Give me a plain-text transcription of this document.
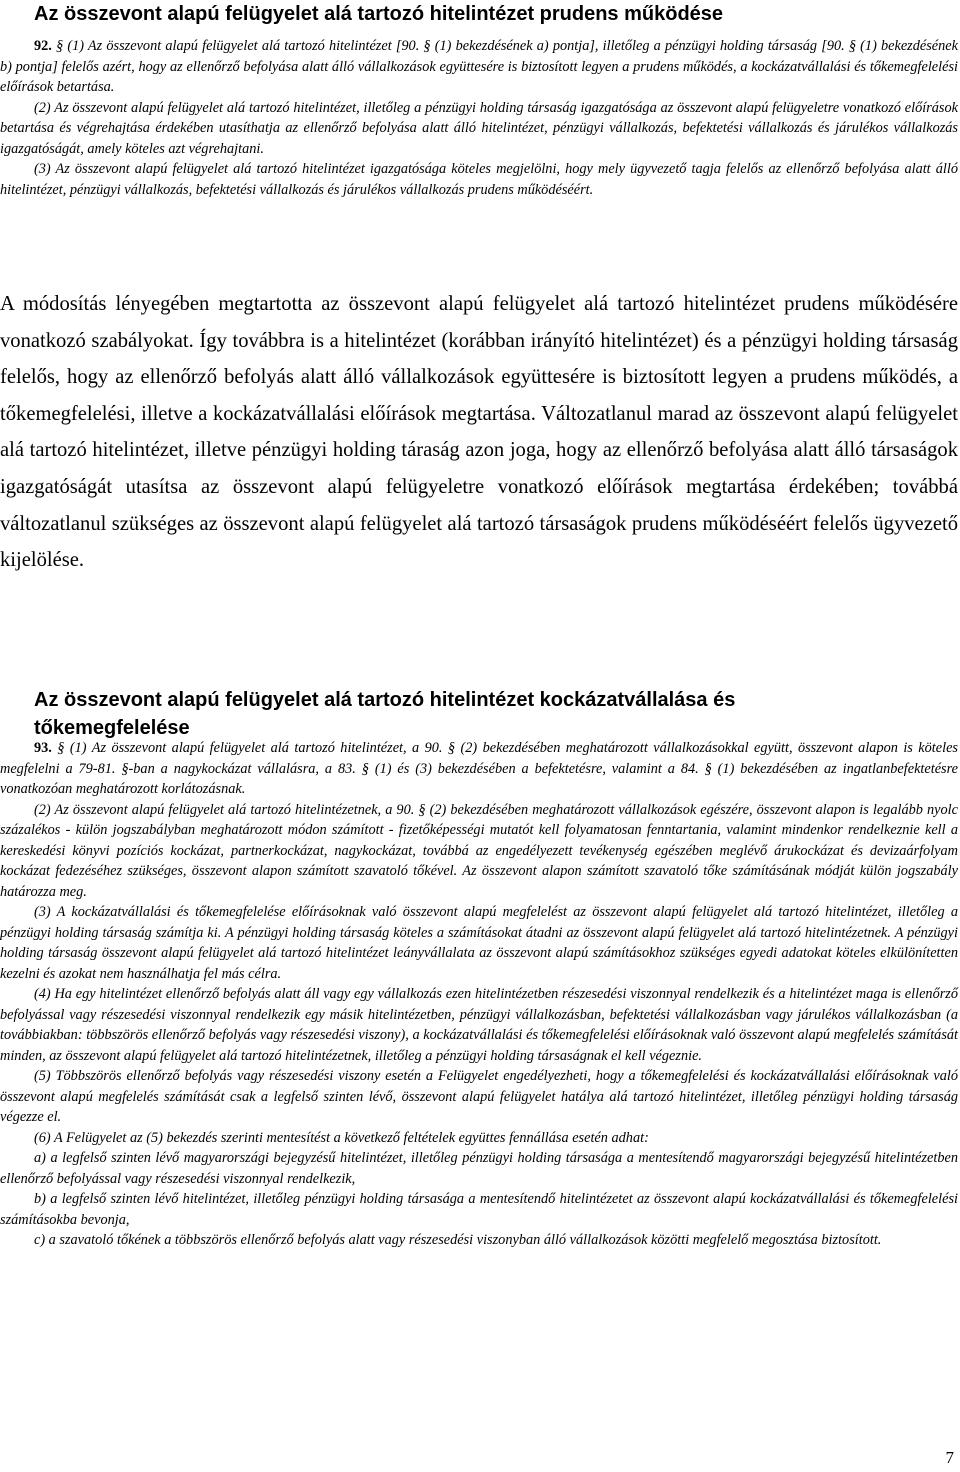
Az összevont alapú felügyelet alá tartozó hitelintézet prudens működése

92. § (1) Az összevont alapú felügyelet alá tartozó hitelintézet [90. § (1) bekezdésének a) pontja], illetőleg a pénzügyi holding társaság [90. § (1) bekezdésének b) pontja] felelős azért, hogy az ellenőrző befolyása alatt álló vállalkozások együttesére is biztosított legyen a prudens működés, a kockázatvállalási és tőkemegfelelési előírások betartása.

(2) Az összevont alapú felügyelet alá tartozó hitelintézet, illetőleg a pénzügyi holding társaság igazgatósága az összevont alapú felügyeletre vonatkozó előírások betartása és végrehajtása érdekében utasíthatja az ellenőrző befolyása alatt álló hitelintézet, pénzügyi vállalkozás, befektetési vállalkozás és járulékos vállalkozás igazgatóságát, amely köteles azt végrehajtani.

(3) Az összevont alapú felügyelet alá tartozó hitelintézet igazgatósága köteles megjelölni, hogy mely ügyvezető tagja felelős az ellenőrző befolyása alatt álló hitelintézet, pénzügyi vállalkozás, befektetési vállalkozás és járulékos vállalkozás prudens működéséért.

A módosítás lényegében megtartotta az összevont alapú felügyelet alá tartozó hitelintézet prudens működésére vonatkozó szabályokat. Így továbbra is a hitelintézet (korábban irányító hitelintézet) és a pénzügyi holding társaság felelős, hogy az ellenőrző befolyás alatt álló vállalkozások együttesére is biztosított legyen a prudens működés, a tőkemegfelelési, illetve a kockázatvállalási előírások megtartása. Változatlanul marad az összevont alapú felügyelet alá tartozó hitelintézet, illetve pénzügyi holding táraság azon joga, hogy az ellenőrző befolyása alatt álló társaságok igazgatóságát utasítsa az összevont alapú felügyeletre vonatkozó előírások megtartása érdekében; továbbá változatlanul szükséges az összevont alapú felügyelet alá tartozó társaságok prudens működéséért felelős ügyvezető kijelölése.

Az összevont alapú felügyelet alá tartozó hitelintézet kockázatvállalása és tőkemegfelelése

93. § (1) Az összevont alapú felügyelet alá tartozó hitelintézet, a 90. § (2) bekezdésében meghatározott vállalkozásokkal együtt, összevont alapon is köteles megfelelni a 79-81. §-ban a nagykockázat vállalásra, a 83. § (1) és (3) bekezdésében a befektetésre, valamint a 84. § (1) bekezdésében az ingatlanbefektetésre vonatkozóan meghatározott korlátozásnak.

(2) Az összevont alapú felügyelet alá tartozó hitelintézetnek, a 90. § (2) bekezdésében meghatározott vállalkozások egészére, összevont alapon is legalább nyolc százalékos - külön jogszabályban meghatározott módon számított - fizetőképességi mutatót kell folyamatosan fenntartania, valamint mindenkor rendelkeznie kell a kereskedési könyvi pozíciós kockázat, partnerkockázat, nagykockázat, továbbá az engedélyezett tevékenység egészében meglévő árukockázat és devizaárfolyam kockázat fedezéséhez szükséges, összevont alapon számított szavatoló tőkével. Az összevont alapon számított szavatoló tőke számításának módját külön jogszabály határozza meg.

(3) A kockázatvállalási és tőkemegfelelése előírásoknak való összevont alapú megfelelést az összevont alapú felügyelet alá tartozó hitelintézet, illetőleg a pénzügyi holding társaság számítja ki. A pénzügyi holding társaság köteles a számításokat átadni az összevont alapú felügyelet alá tartozó hitelintézetnek. A pénzügyi holding társaság összevont alapú felügyelet alá tartozó hitelintézet leányvállalata az összevont alapú számításokhoz szükséges egyedi adatokat köteles elkülönítetten kezelni és azokat nem használhatja fel más célra.

(4) Ha egy hitelintézet ellenőrző befolyás alatt áll vagy egy vállalkozás ezen hitelintézetben részesedési viszonnyal rendelkezik és a hitelintézet maga is ellenőrző befolyással vagy részesedési viszonnyal rendelkezik egy másik hitelintézetben, pénzügyi vállalkozásban, befektetési vállalkozásban vagy járulékos vállalkozásban (a továbbiakban: többszörös ellenőrző befolyás vagy részesedési viszony), a kockázatvállalási és tőkemegfelelési előírásoknak való összevont alapú megfelelés számítását minden, az összevont alapú felügyelet alá tartozó hitelintézetnek, illetőleg a pénzügyi holding társaságnak el kell végeznie.

(5) Többszörös ellenőrző befolyás vagy részesedési viszony esetén a Felügyelet engedélyezheti, hogy a tőkemegfelelési és kockázatvállalási előírásoknak való összevont alapú megfelelés számítását csak a legfelső szinten lévő, összevont alapú felügyelet hatálya alá tartozó hitelintézet, illetőleg pénzügyi holding társaság végezze el.

(6) A Felügyelet az (5) bekezdés szerinti mentesítést a következő feltételek együttes fennállása esetén adhat:

a) a legfelső szinten lévő magyarországi bejegyzésű hitelintézet, illetőleg pénzügyi holding társasága a mentesítendő magyarországi bejegyzésű hitelintézetben ellenőrző befolyással vagy részesedési viszonnyal rendelkezik,

b) a legfelső szinten lévő hitelintézet, illetőleg pénzügyi holding társasága a mentesítendő hitelintézetet az összevont alapú kockázatvállalási és tőkemegfelelési számításokba bevonja,

c) a szavatoló tőkének a többszörös ellenőrző befolyás alatt vagy részesedési viszonyban álló vállalkozások közötti megfelelő megosztása biztosított.

7
